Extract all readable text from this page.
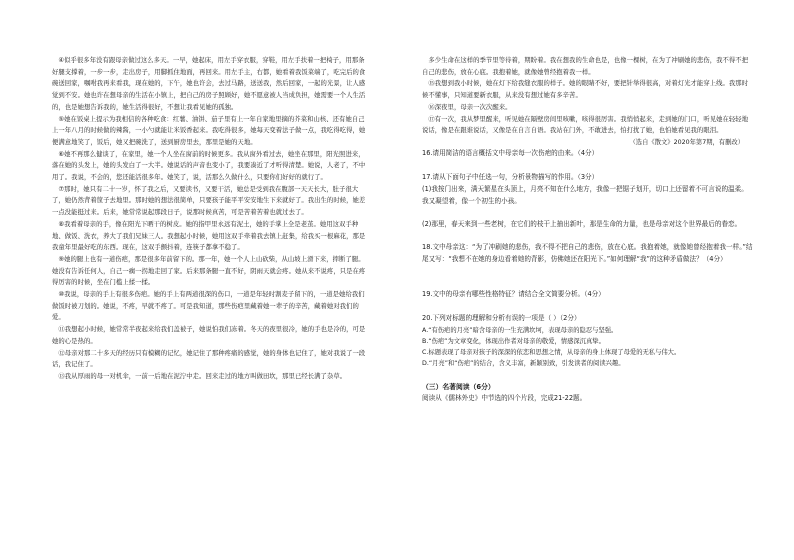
④似乎很多年没有跟母亲做过这么多天。一早，她起床，用左手穿衣服，穿鞋，用左手扶着一把椅子，用那条好腿支撑着，一步一步，走出房子，用脚抓住地面，再回来。用左手主，右都，她看着我饭菜端了，吃完后的食碗送回家，嘱咐我再来看我，现在她的，下午，她也许会，去过马路，送送我，然后回家，一起的光景，让人感觉到不安。她也许在想母亲的生活在小镇上，把自己的房子照顾好，她不愿意被人当成负担，她需要一个人生活的，也是她想告诉我的，她生活得很好，不想让我看见她的孤独。

⑤她在饭桌上提示为我相信的各种吃食：红薯、油饼、茄子里有上一年自家地里摘的芥菜和山核、还有她自己上一年八月的时候做的辣酱，一小勺就能让米饭香起来。我吃得很多，她每天变着法子做一点，我吃得吃得，她便满意地笑了，饭后，她又把碗洗了，送到厨房里去，那里是她的天地。

⑥她不再那么健谈了，在家里，她一个人坐在窗前的时候更多。我从窗外看过去，她坐在那里，阳光照进来，落在她的头发上，她的头发白了一大半。她说话的声音也变小了，我要凑近了才听得清楚。她说，人老了，不中用了。我说，不会的，您还能活很多年。她笑了，说，活那么久做什么，只要你们好好的就行了。

⑦那时，她只有二十一岁，怀了我之后，又要读书，又要干活，她总是受到我在腹部一天天长大，肚子很大了，她仍然背着筐子去地里。那时她的想法很简单，只要孩子能平平安安地生下来就好了。我出生的时候，她差一点没能挺过来。后来，她常常说起那段日子，说那时候真苦，可是苦着苦着也就过去了。

⑧我看着母亲的手，像在阳光下晒干的树皮。她的指甲里永远有泥土，她的手掌上全是老茧。她用这双手种地、做饭、洗衣，养大了我们兄妹三人。我想起小时候，她用这双手牵着我去镇上赶集，给我买一根麻花，那是我童年里最好吃的东西。现在，这双手颤抖着，连筷子都拿不稳了。

⑨她的腿上也有一道伤疤，那是很多年前留下的。那一年，她一个人上山砍柴，从山坡上滑下来，摔断了腿。她没有告诉任何人，自己一瘸一拐地走回了家。后来那条腿一直不好，阴雨天就会疼。她从来不说疼，只是在疼得厉害的时候，坐在门槛上揉一揉。

⑩我说，母亲的手上有很多伤疤。她的手上有两道很深的伤口，一道是年轻时割麦子留下的，一道是她给我们做饭时被刀划的。她说，不疼，早就不疼了。可是我知道，那些伤疤里藏着她一辈子的辛苦，藏着她对我们的爱。

⑪我想起小时候，她常常半夜起来给我们盖被子，她说怕我们冻着。冬天的夜里很冷，她的手也是冷的，可是她的心是热的。

⑫母亲对那二十多天的经历只有模糊的记忆，她记住了那种疼痛的感觉，她的身体也记住了，她对我说了一段话，我记住了。

⑬我从厚雨的母一对机伞，一前一后地在泥泞中走。回来走过的地方叫做田坎，那里已经长满了杂草。

多少生命在这样的季节里等待着，期盼着。我在想我的生命也是，也像一棵树，在为了冲刷她的悲伤，我不得不把自己的悲伤，放在心底。我抱着她，就像她曾经抱着我一样。

⑮我想到我小时候，她在灯下给我缝衣服的样子。她的眼睛不好，要把针举得很高，对着灯光才能穿上线。我那时候不懂事，只知道要新衣服，从来没有想过她有多辛苦。

⑯深夜里，母亲一次次醒来。

⑰有一次，我从梦里醒来，听见她在隔壁房间里咳嗽，咳得很厉害。我悄悄起来，走到她的门口，听见她在轻轻地说话，像是在跟谁说话，又像是在自言自语。我站在门外，不敢进去，怕打扰了她，也怕她看见我的眼泪。

（选自《散文》2020年第7期，有删改）

16.请用简洁的语言概括文中母亲每一次伤疤的由来。（4分）

17.请从下面句子中任选一句，分析景物描写的作用。（3分）

(1)我按门出来，满天繁星在头顶上，月亮不知在什么地方，我像一把锯子划开，切口上还留着不可言说的温柔。我又凝望着，像一个初生的小孩。

(2)那里，春天来到一些老树，在它们的枝干上抽出新叶，那是生命的力量，也是母亲对这个世界最后的眷恋。

18.文中母亲这：“为了冲刷她的悲伤，我不得不把自己的悲伤，放在心底。我抱着她，就像她曾经抱着我一样。”结尾又写：“我想不在她的身边看着她的背影，仿佛她还在阳光下。”如何理解“我”的这种矛盾做法？（4分）

19.文中的母亲有哪些性格特征？请结合全文简要分析。（4分）

20.下列对标题的理解和分析有误的一项是（ ）（2分）

A.“有伤疤的月亮”暗含母亲的一生充满坎坷，表现母亲的隐忍与坚强。

B.“伤疤”为文章变化，体现出作者对母亲的敬爱，情感深沉真挚。

C.标题表现了母亲对孩子的深深的依恋和思想之情，从母亲的身上体现了母爱的无私与伟大。

D.“月亮”和“伤疤”的结合，含义丰富，新颖别致，引发读者的阅读兴趣。

（三）名著阅读（6分）

阅读从《儒林外史》中节选的四个片段，完成21-22题。
